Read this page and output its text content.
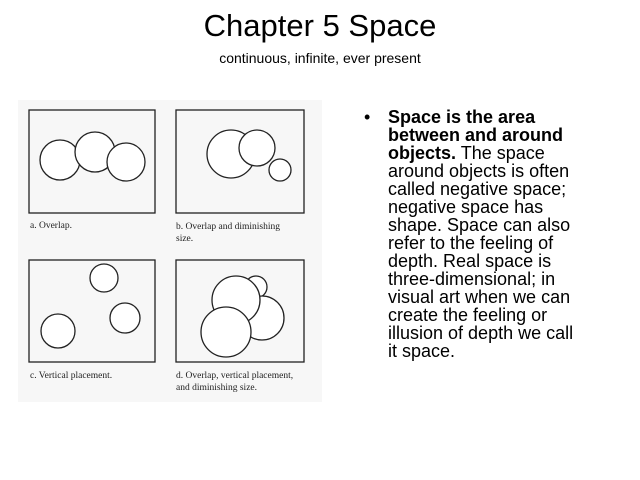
Chapter 5 Space
continuous, infinite, ever present
a. Overlap.	b. Overlap and diminishing
size.
c. Vertical placement.	d. Overlap, vertical placement,
and diminishing size.
• Space is the area
between and around
objects. The space
around objects is often
called negative space;
negative space has
shape. Space can also
refer to the feeling of
depth. Real space is
three-dimensional; in
visual art when we can
create the feeling or
illusion of depth we call
it space.
